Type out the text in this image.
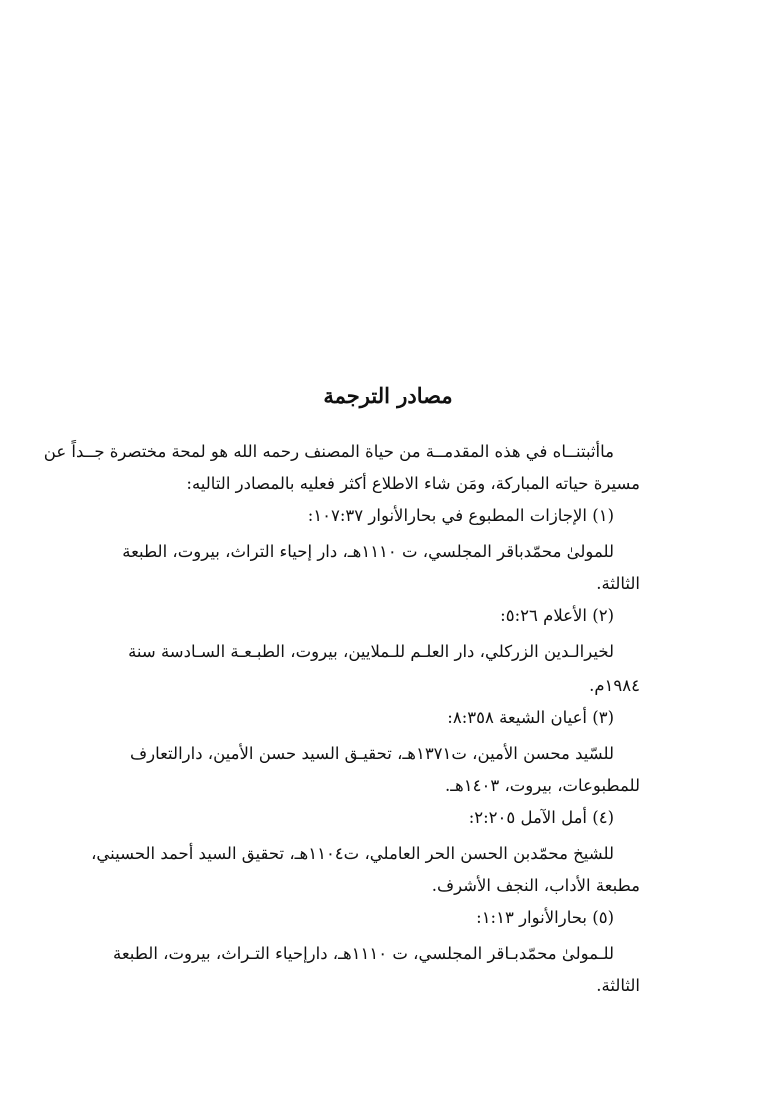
مصادر الترجمة
ماأثبتنــاه في هذه المقدمــة من حياة المصنف رحمه الله هو لمحة مختصرة جــداً عن
مسيرة حياته المباركة، ومَن شاء الاطلاع أكثر فعليه بالمصادر التاليه:
(١) الإجازات المطبوع في بحارالأنوار ١٠٧:٣٧:
للمولىٰ محمّدباقر المجلسي، ت ١١١٠هـ، دار إحياء التراث، بيروت، الطبعة
الثالثة.
(٢) الأعلام ٥:٢٦:
لخيرالـدين الزركلي، دار العلـم للـملايين، بيروت، الطبـعـة السـادسة سنة
١٩٨٤م.
(٣) أعيان الشيعة ٨:٣٥٨:
للسّيد محسن الأمين، ت١٣٧١هـ، تحقيـق السيد حسن الأمين، دارالتعارف
للمطبوعات، بيروت، ١٤٠٣هـ.
(٤) أمل الآمل ٢:٢٠٥:
للشيخ محمّدبن الحسن الحر العاملي، ت١١٠٤هـ، تحقيق السيد أحمد الحسيني،
مطبعة الأداب، النجف الأشرف.
(٥) بحارالأنوار ١:١٣:
للـمولىٰ محمّدبـاقر المجلسي، ت ١١١٠هـ، دارإحياء التـراث، بيروت، الطبعة
الثالثة.
